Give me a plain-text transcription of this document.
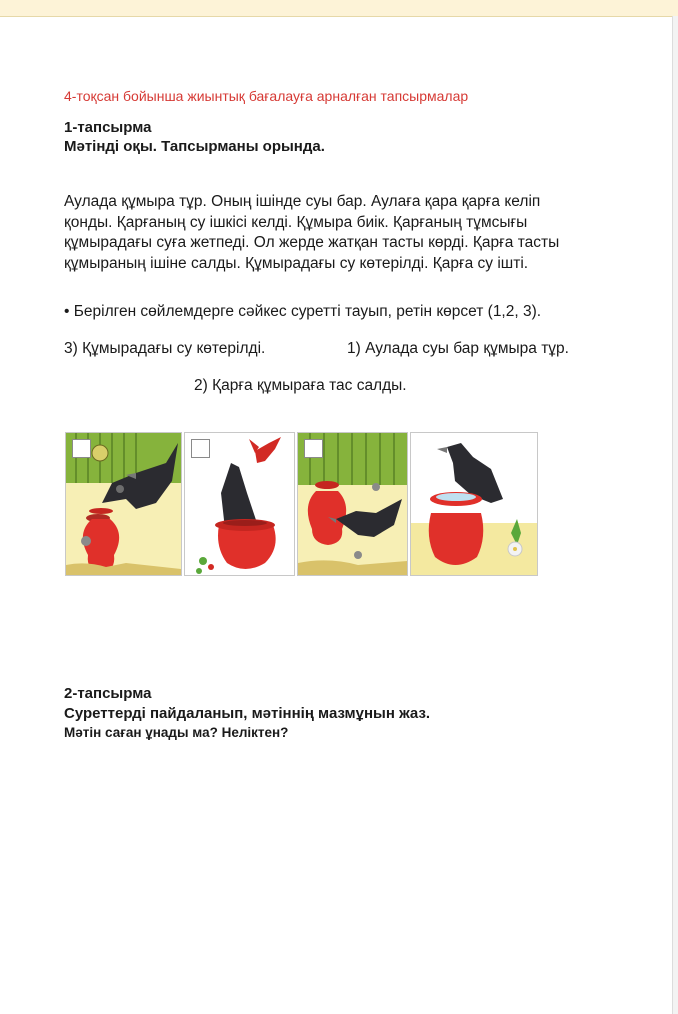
4-тоқсан бойынша жиынтық бағалауға арналған тапсырмалар

1-тапсырма

Мәтінді оқы. Тапсырманы орында.

Аулада құмыра тұр. Оның ішінде суы бар. Аулаға қара қарға келіп
қонды. Қарғаның су ішкісі келді. Құмыра биік. Қарғаның тұмсығы
құмырадағы суға жетпеді. Ол жерде жатқан тасты көрді. Қарға тасты
құмыраның ішіне салды. Құмырадағы су көтерілді. Қарға су ішті.

• Берілген сөйлемдерге сәйкес суретті тауып, ретін көрсет (1,2, 3).

3) Құмырадағы су көтерілді.	1) Аулада суы бар құмыра тұр.

2) Қарға құмыраға тас салды.

2-тапсырма

Суреттерді пайдаланып, мәтіннің мазмұнын жаз.

Мәтін саған ұнады ма? Неліктен?
